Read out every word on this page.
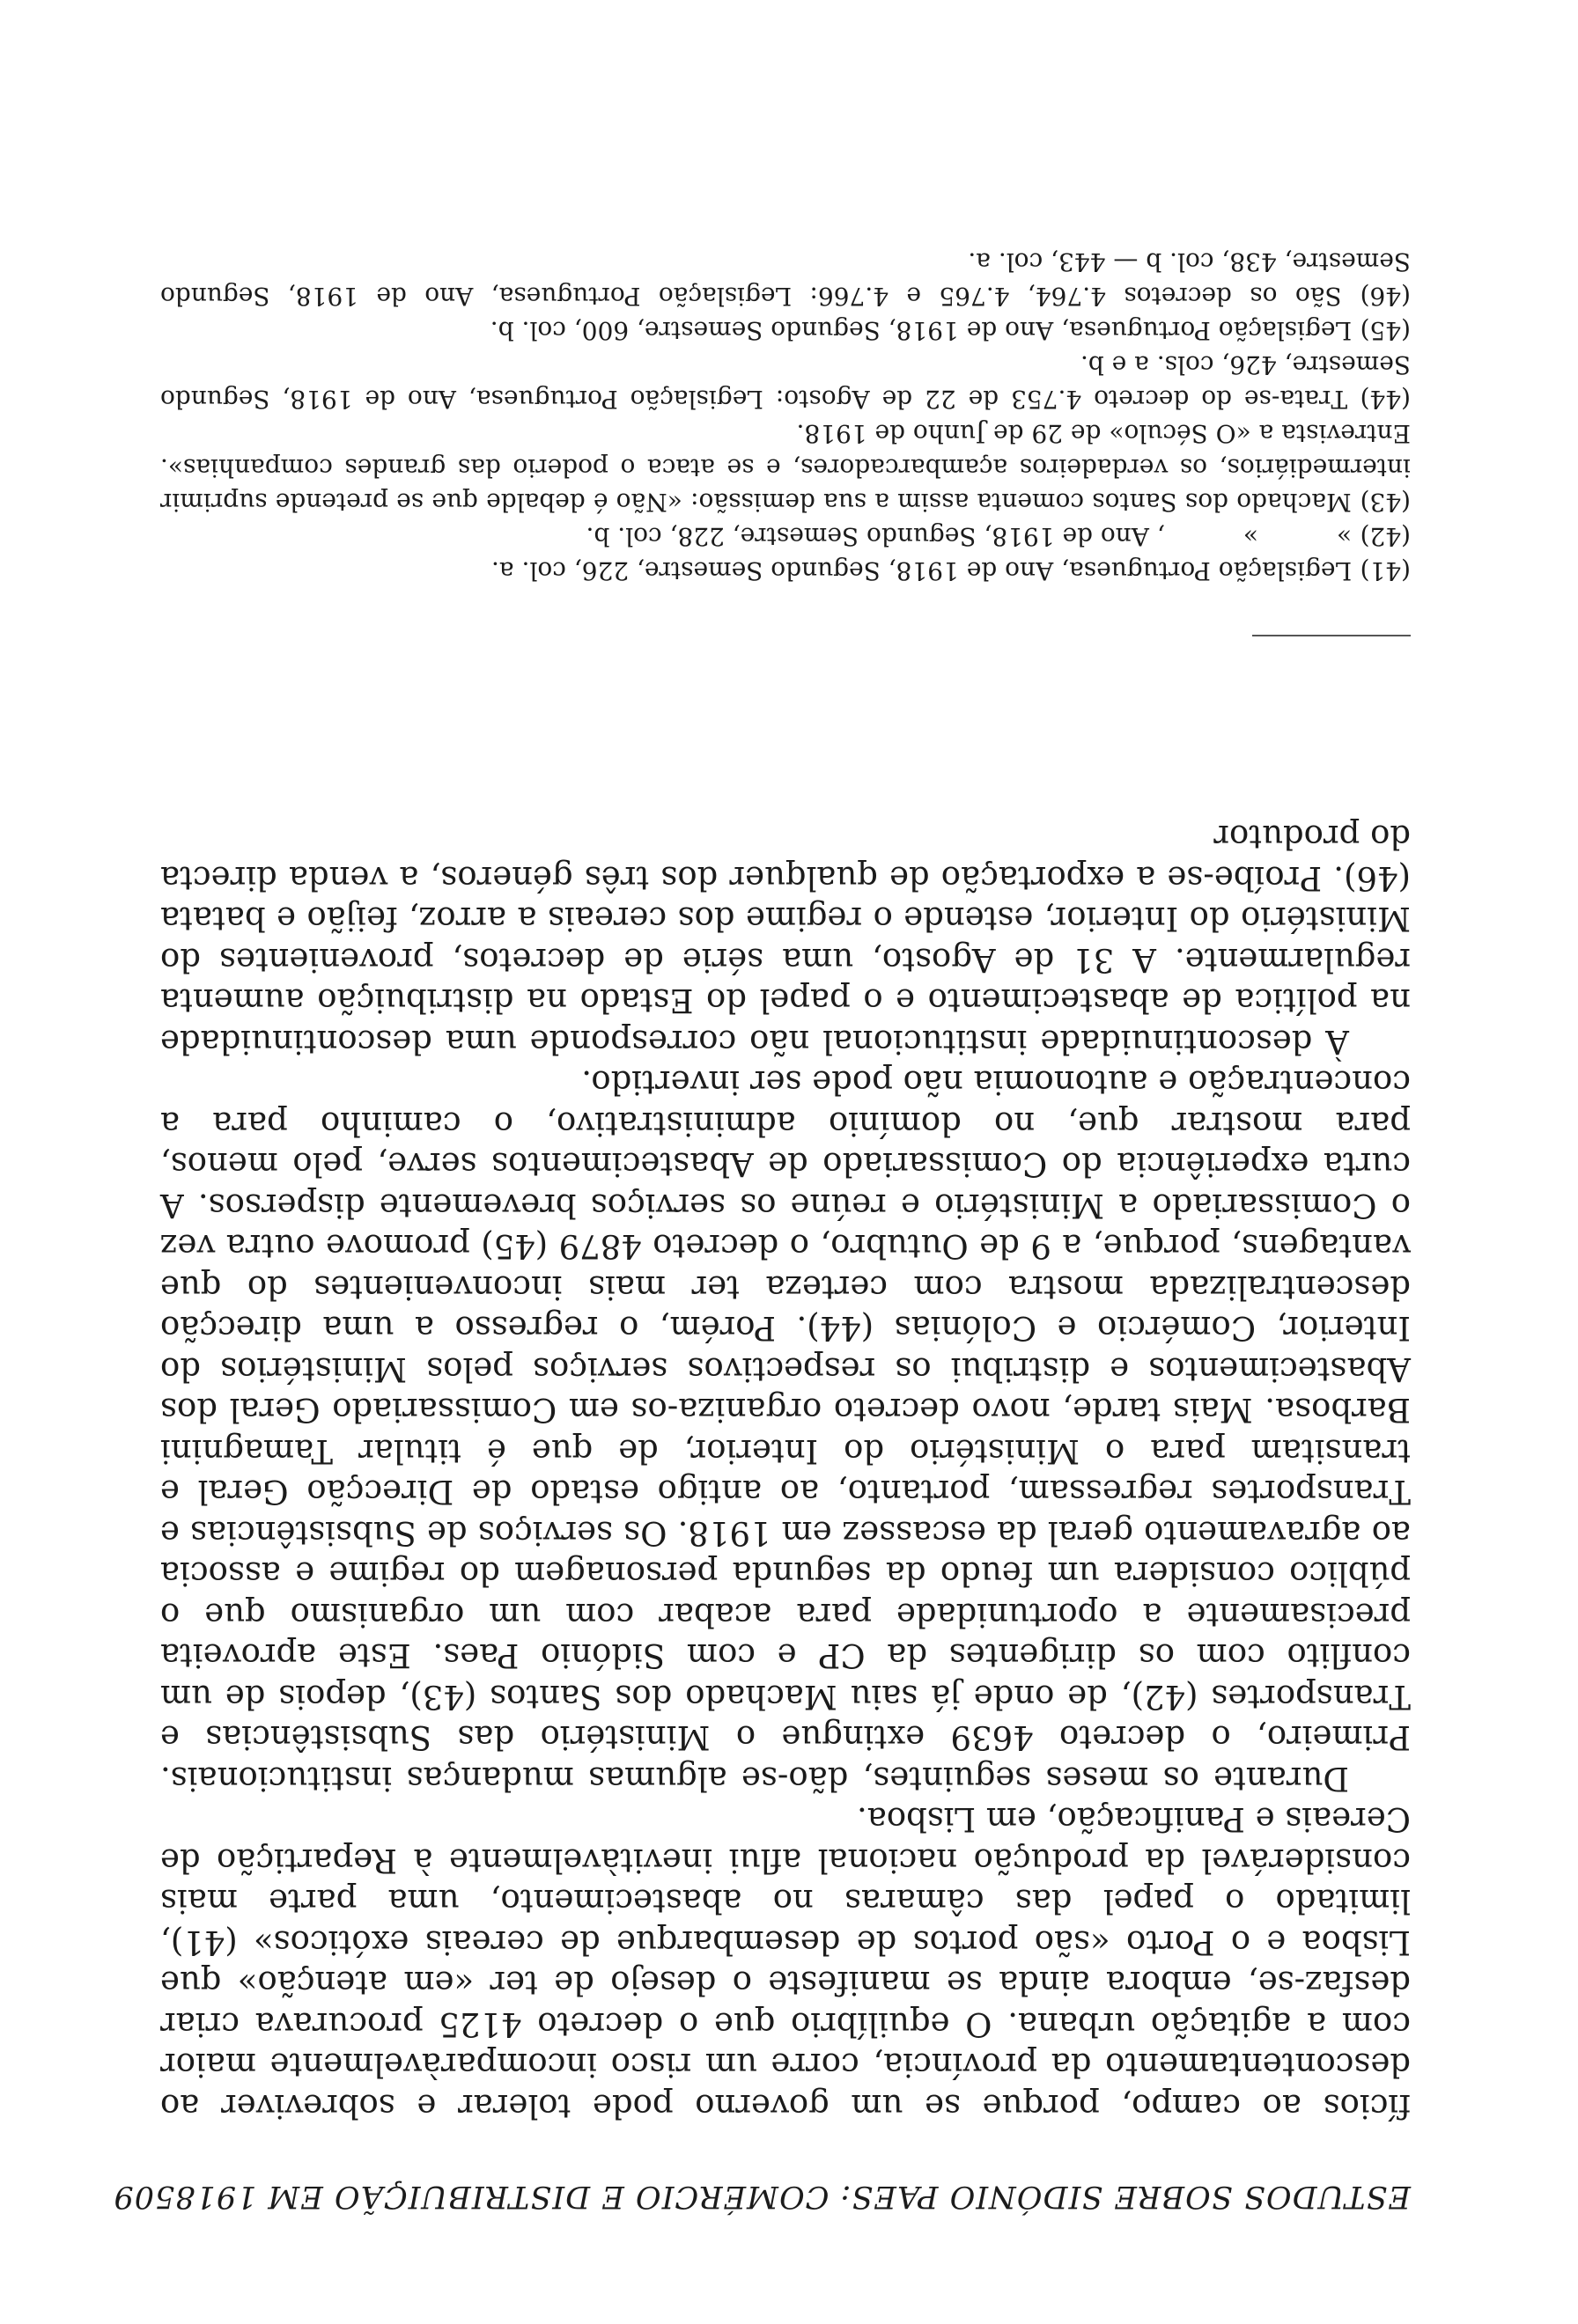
ESTUDOS SOBRE SIDÓNIO PAES: COMÉRCIO E DISTRIBUIÇÃO EM 1918
509

fícios ao campo, porque se um governo pode tolerar e sobreviver ao descontentamento da província, corre um risco incomparàvelmente maior com a agitação urbana. O equilíbrio que o decreto 4125 procurava criar desfaz-se, embora ainda se manifeste o desejo de ter «em atenção» que Lisboa e o Porto «são portos de desembarque de cereais exóticos» (41), limitado o papel das câmaras no abastecimento, uma parte mais considerável da produção nacional aflui inevitàvelmente à Repartição de Cereais e Panificação, em Lisboa.

Durante os meses seguintes, dão-se algumas mudanças institucionais. Primeiro, o decreto 4639 extingue o Ministério das Subsistências e Transportes (42), de onde já saiu Machado dos Santos (43), depois de um conflito com os dirigentes da CP e com Sidónio Paes. Este aproveita precisamente a oportunidade para acabar com um organismo que o público considera um feudo da segunda personagem do regime e associa ao agravamento geral da escassez em 1918. Os serviços de Subsistências e Transportes regressam, portanto, ao antigo estado de Direcção Geral e transitam para o Ministério do Interior, de que é titular Tamagnini Barbosa. Mais tarde, novo decreto organiza-os em Comissariado Geral dos Abastecimentos e distribui os respectivos serviços pelos Ministérios do Interior, Comércio e Colónias (44). Porém, o regresso a uma direcção descentralizada mostra com certeza ter mais inconvenientes do que vantagens, porque, a 9 de Outubro, o decreto 4879 (45) promove outra vez o Comissariado a Ministério e reúne os serviços brevemente dispersos. A curta experiência do Comissariado de Abastecimentos serve, pelo menos, para mostrar que, no domínio administrativo, o caminho para a concentração e autonomia não pode ser invertido.

À descontinuidade institucional não corresponde uma descontinuidade na política de abastecimento e o papel do Estado na distribuição aumenta regularmente. A 31 de Agosto, uma série de decretos, provenientes do Ministério do Interior, estende o regime dos cereais a arroz, feijão e batata (46). Proíbe-se a exportação de qualquer dos três géneros, a venda directa do produtor

(41) Legislação Portuguesa, Ano de 1918, Segundo Semestre, 226, col. a.
(42) »          »          , Ano de 1918, Segundo Semestre, 228, col. b.
(43) Machado dos Santos comenta assim a sua demissão: «Não é debalde que se pretende suprimir intermediários, os verdadeiros açambarcadores, e se ataca o poderio das grandes companhias». Entrevista a «O Século» de 29 de Junho de 1918.
(44) Trata-se do decreto 4.753 de 22 de Agosto: Legislação Portuguesa, Ano de 1918, Segundo Semestre, 426, cols. a e b.
(45) Legislação Portuguesa, Ano de 1918, Segundo Semestre, 600, col. b.
(46) São os decretos 4.764, 4.765 e 4.766: Legislação Portuguesa, Ano de 1918, Segundo Semestre, 438, col. b — 443, col. a.
